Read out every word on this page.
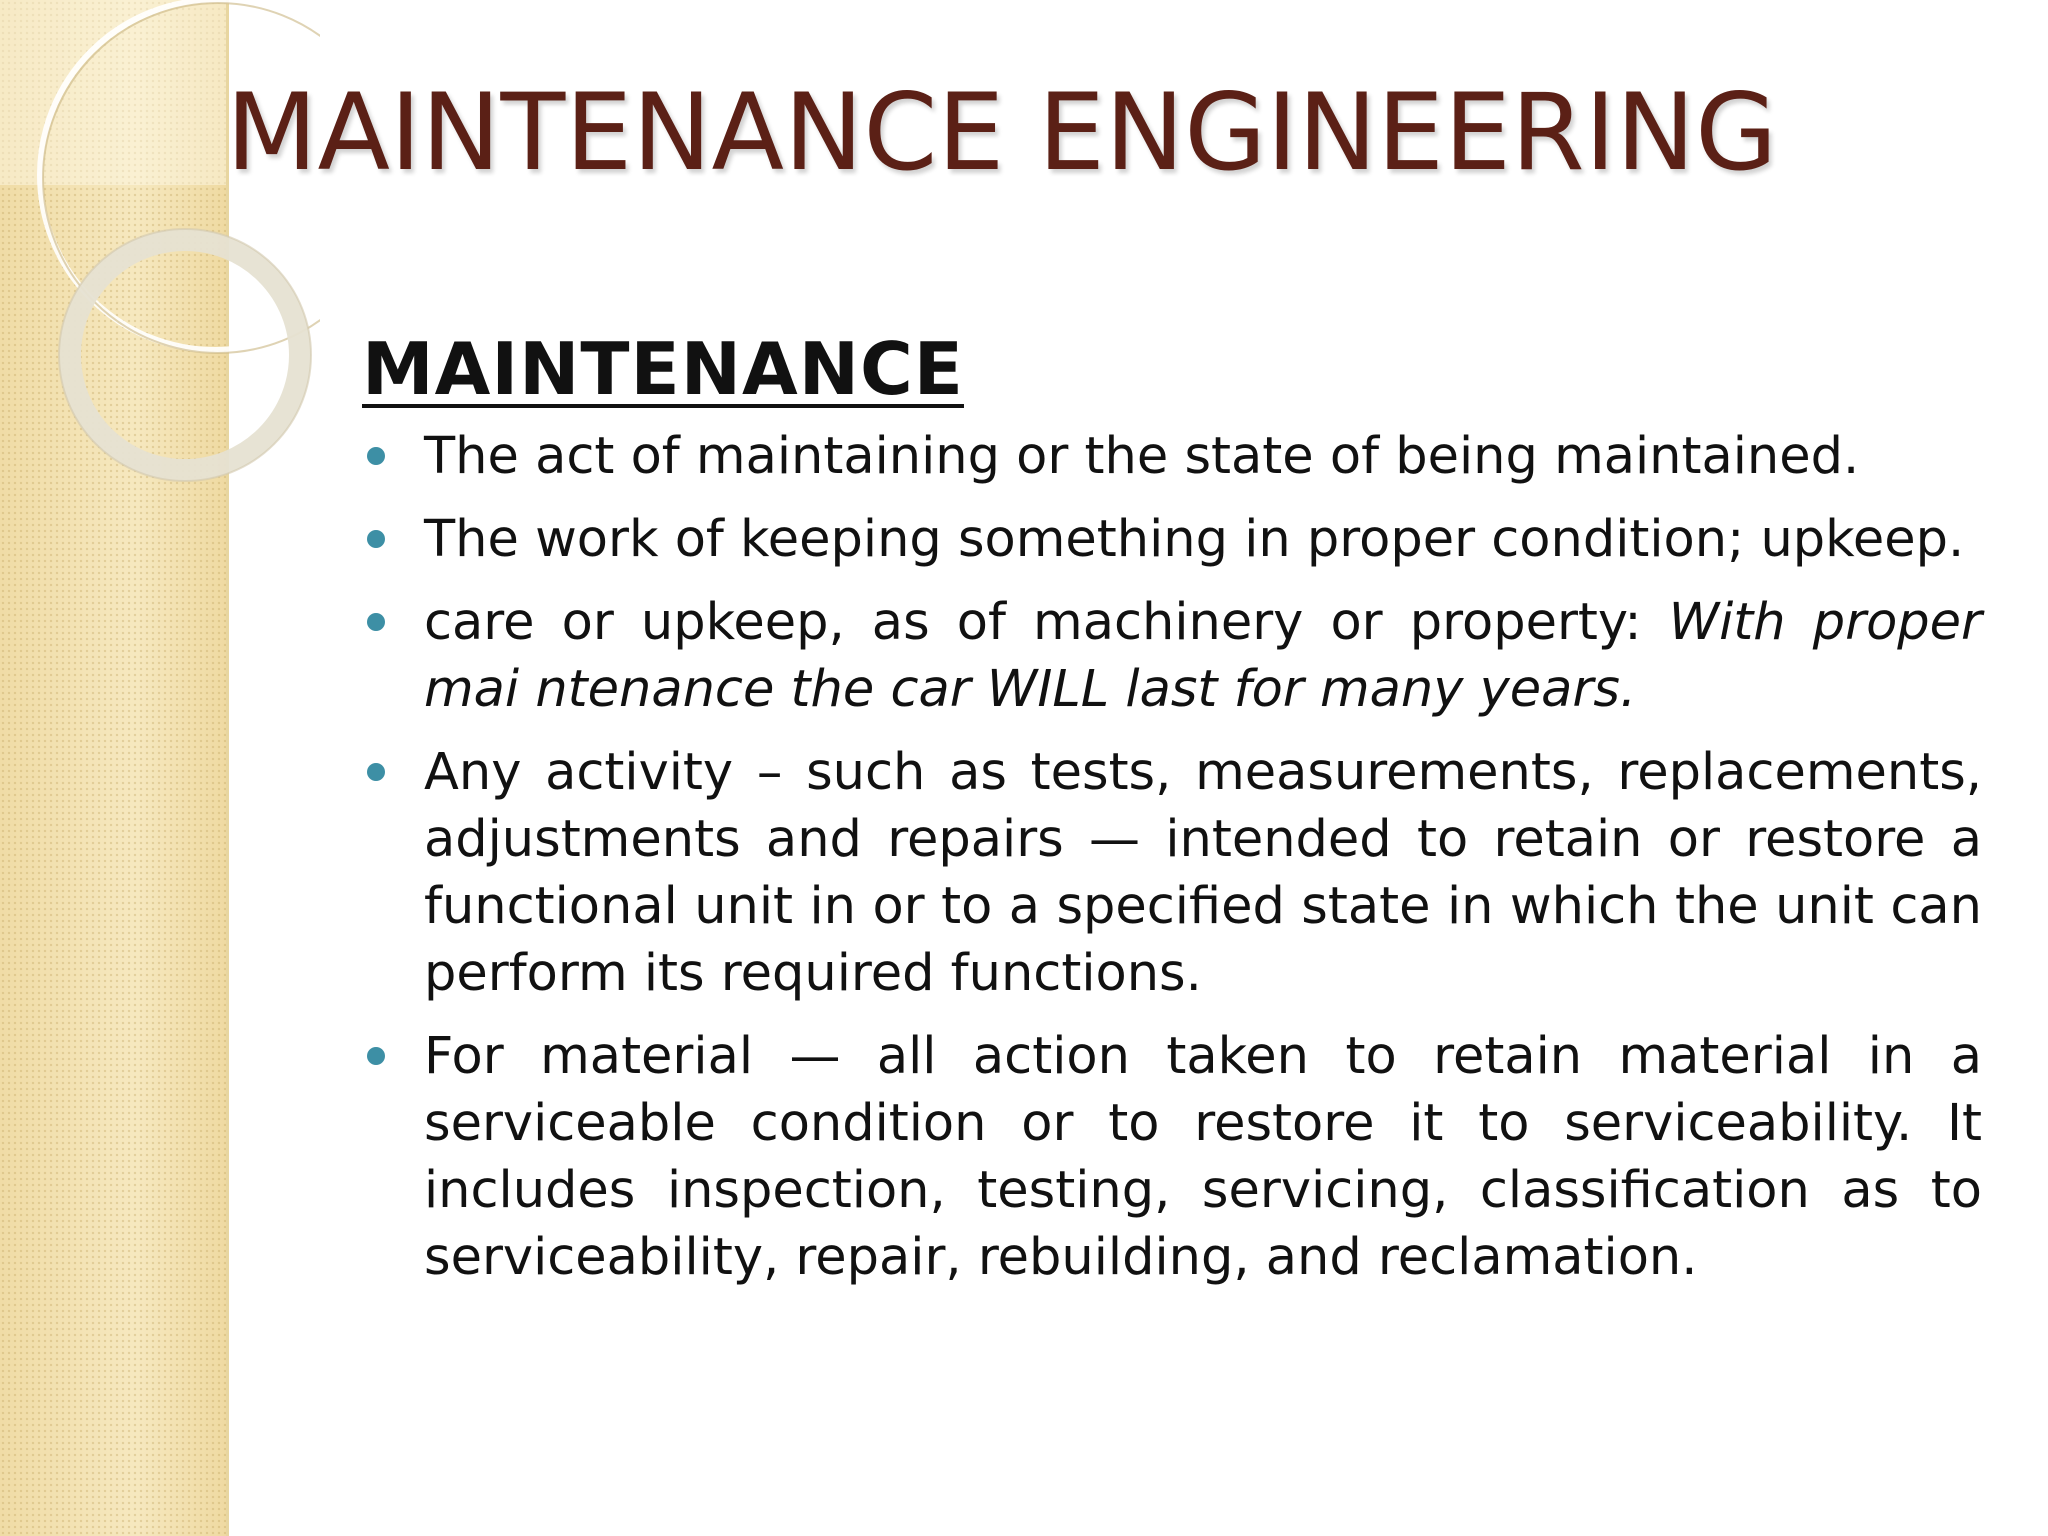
MAINTENANCE ENGINEERING
MAINTENANCE
The act of maintaining or the state of being maintained.
The work of keeping something in proper condition; upkeep.
care or upkeep, as of machinery or property: With proper mai ntenance the car WILL last for many years.
Any activity – such as tests, measurements, replacements, adjustments and repairs — intended to retain or restore a functional unit in or to a specified state in which the unit can perform its required functions.
For material — all action taken to retain material in a serviceable condition or to restore it to serviceability. It includes inspection, testing, servicing, classification as to serviceability, repair, rebuilding, and reclamation.
